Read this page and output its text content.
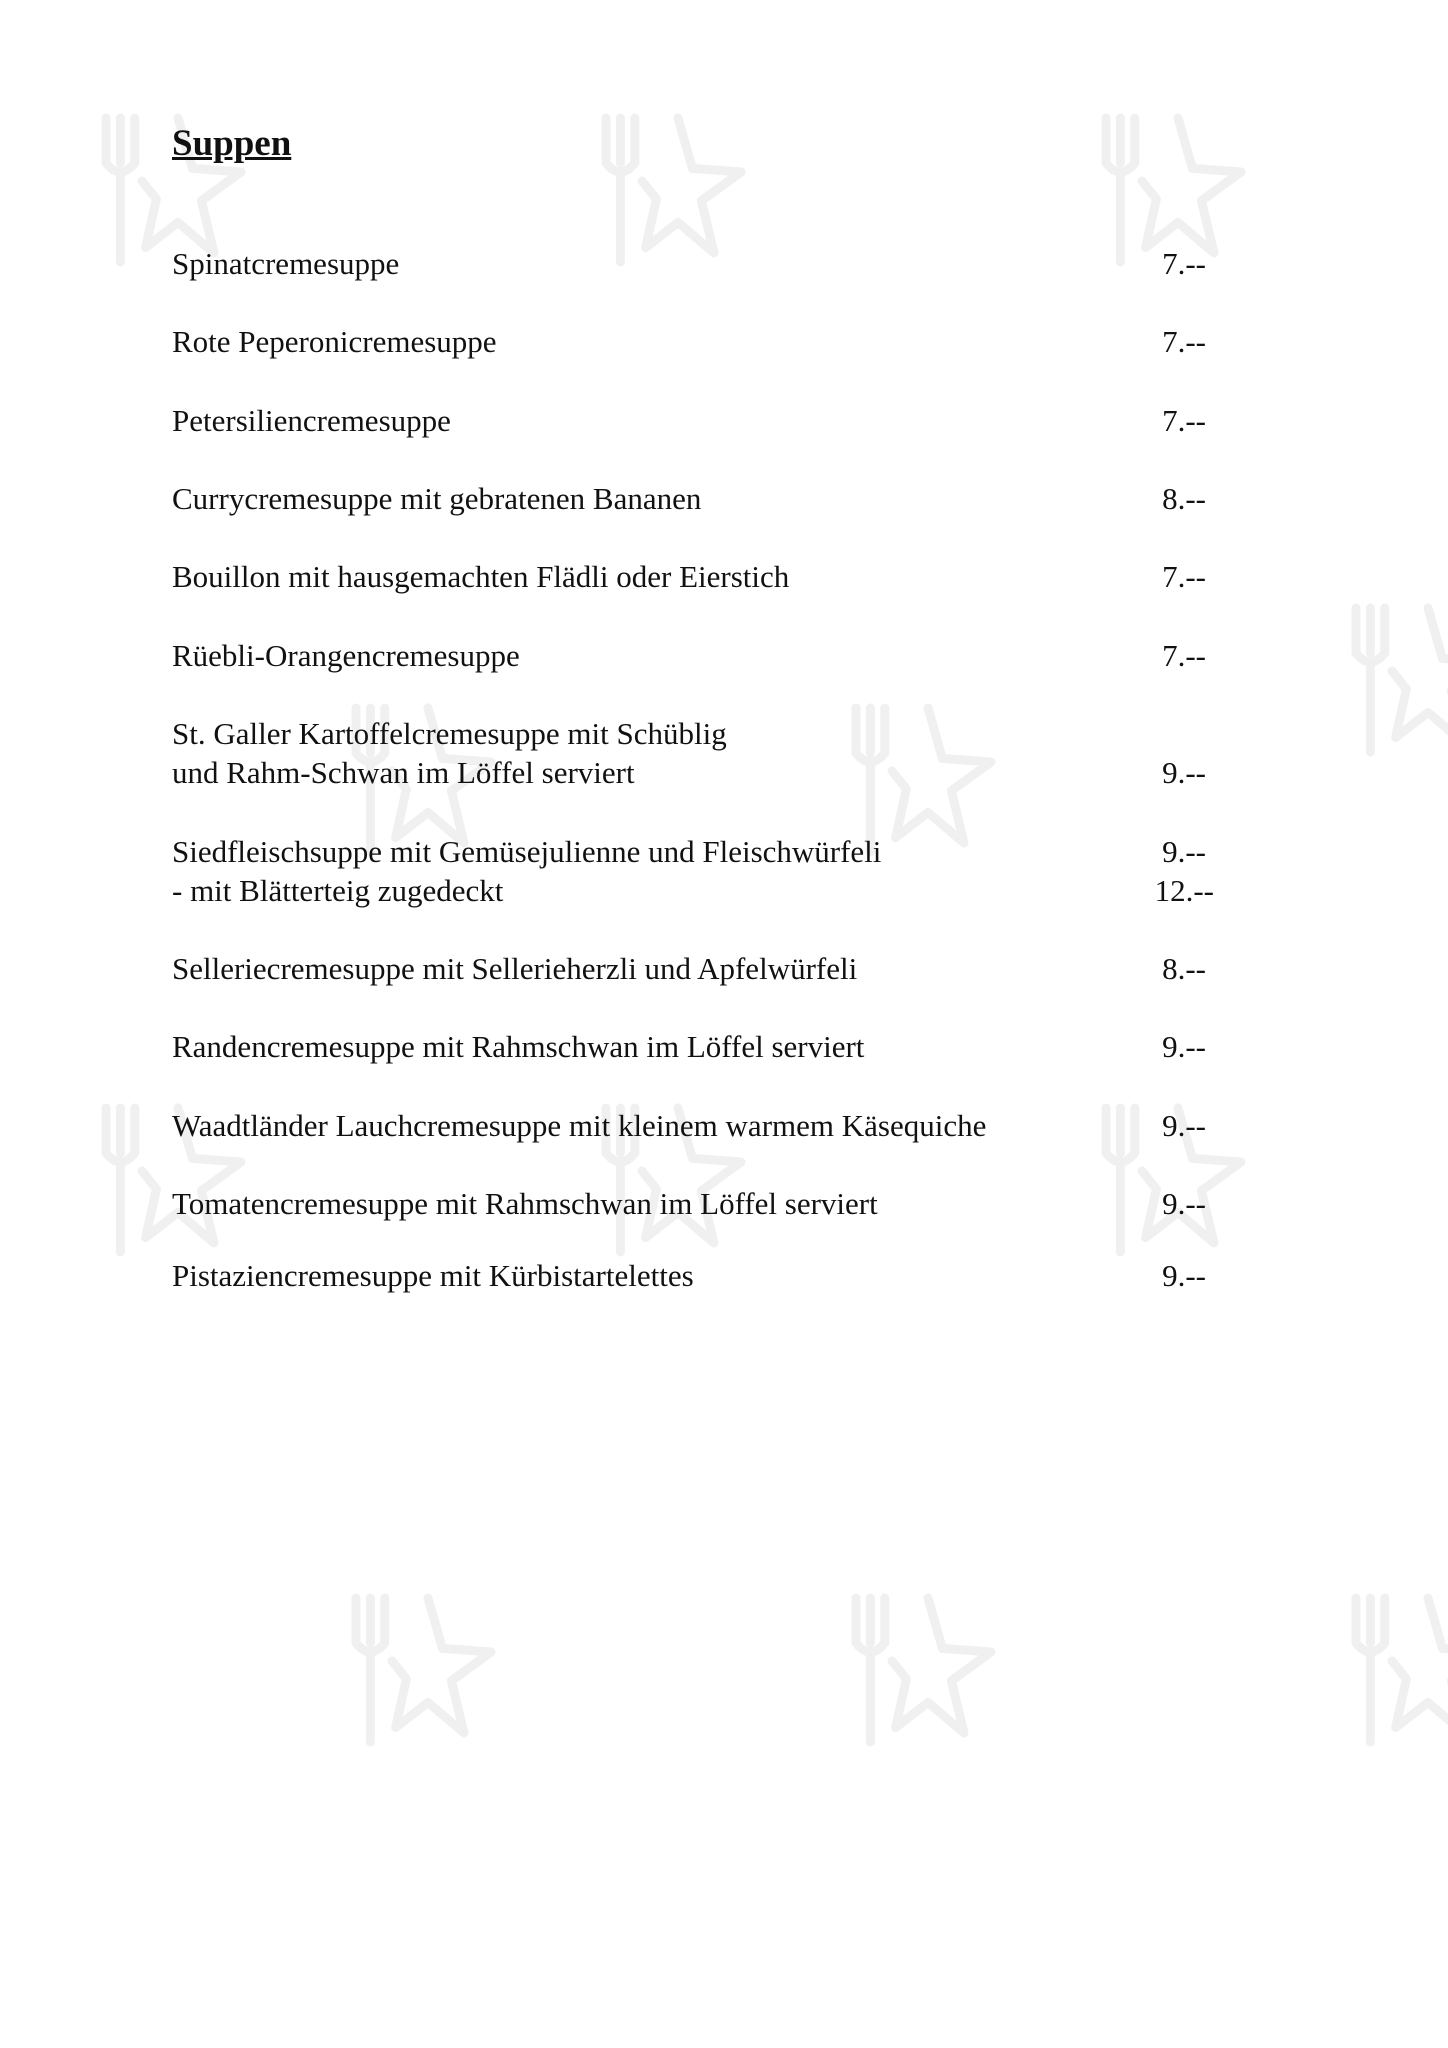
Suppen
Spinatcremesuppe	7.--
Rote Peperonicremesuppe	7.--
Petersiliencremesuppe	7.--
Currycremesuppe mit gebratenen Bananen	8.--
Bouillon mit hausgemachten Flädli oder Eierstich	7.--
Rüebli-Orangencremesuppe	7.--
St. Galler Kartoffelcremesuppe mit Schüblig
und Rahm-Schwan im Löffel serviert	9.--
Siedfleischsuppe mit Gemüsejulienne und Fleischwürfeli	9.--
- mit Blätterteig zugedeckt	12.--
Selleriecremesuppe mit Sellerieherzli und Apfelwürfeli	8.--
Randencremesuppe mit Rahmschwan im Löffel serviert	9.--
Waadtländer Lauchcremesuppe mit kleinem warmem Käsequiche	9.--
Tomatencremesuppe mit Rahmschwan im Löffel serviert	9.--
Pistaziencremesuppe mit Kürbistartelettes	9.--
